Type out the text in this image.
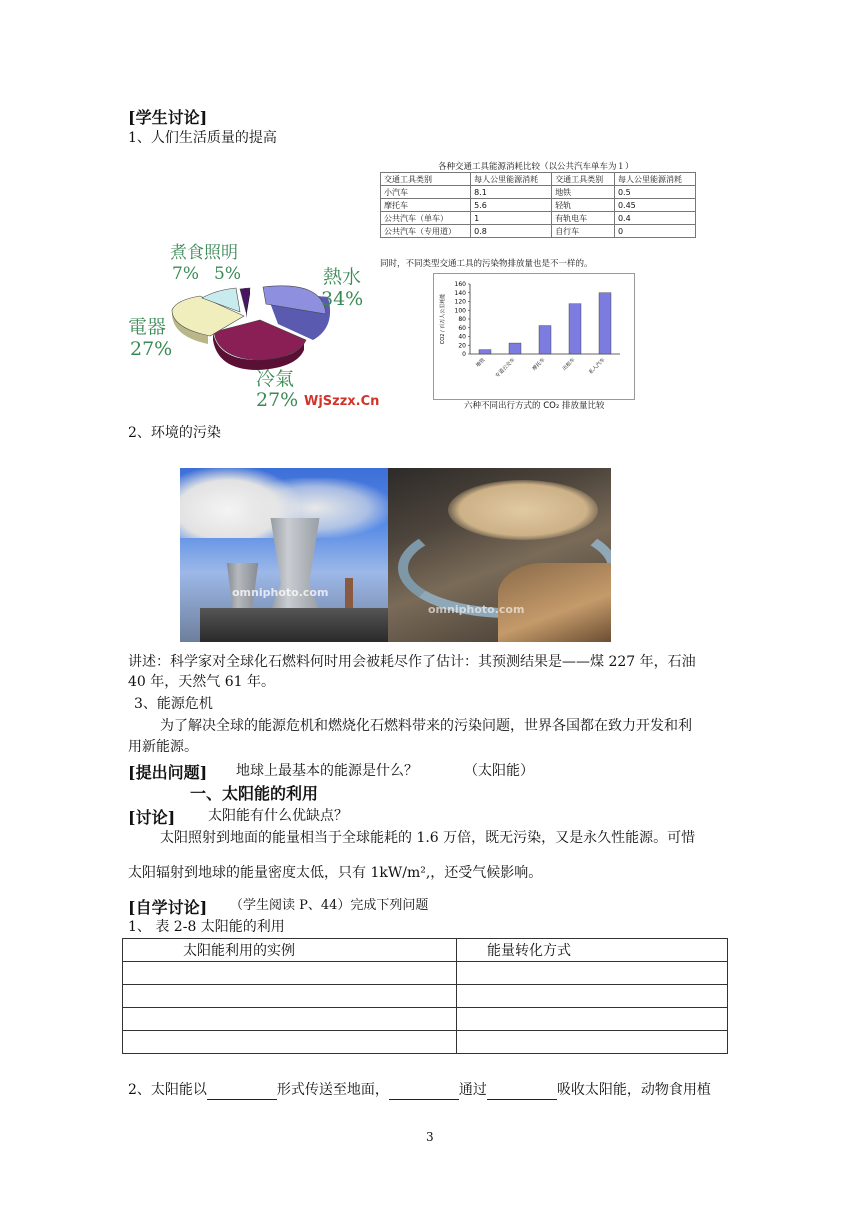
[学生讨论]
1、人们生活质量的提高
各种交通工具能源消耗比较（以公共汽车单车为１）
交通工具类别	每人公里能源消耗	交通工具类别	每人公里能源消耗
小汽车	8.1	地铁	0.5
摩托车	5.6	轻轨	0.45
公共汽车（单车）	1	有轨电车	0.4
公共汽车（专用道）	0.8	自行车	0
同时，不同类型交通工具的污染物排放量也是不一样的。
煮食照明
7% 5%	熱水
34%
電器
27%
冷氣
27% WjSzzx.Cn
0
20
40
60
80
100
120
140
160
CO2 / 百万人公里耗能
地铁 专道公交车	摩托车	出租车 私人汽车
六种不同出行方式的 CO₂ 排放量比较
2、环境的污染
omniphoto.com
omniphoto.com
讲述：科学家对全球化石燃料何时用会被耗尽作了估计：其预测结果是——煤 227 年，石油
40 年，天然气 61 年。
3、能源危机
为了解决全球的能源危机和燃烧化石燃料带来的污染问题，世界各国都在致力开发和利
用新能源。
[提出问题] 地球上最基本的能源是什么？	（太阳能）
一、太阳能的利用
[讨论] 太阳能有什么优缺点？
太阳照射到地面的能量相当于全球能耗的 1.6 万倍，既无污染，又是永久性能源。可惜
太阳辐射到地球的能量密度太低，只有 1kW/m²,，还受气候影响。
[自学讨论] （学生阅读 P、44）完成下列问题
1、 表 2-8 太阳能的利用
太阳能利用的实例	能量转化方式

2、太阳能以	形式传送至地面，	通过	吸收太阳能，动物食用植
3
